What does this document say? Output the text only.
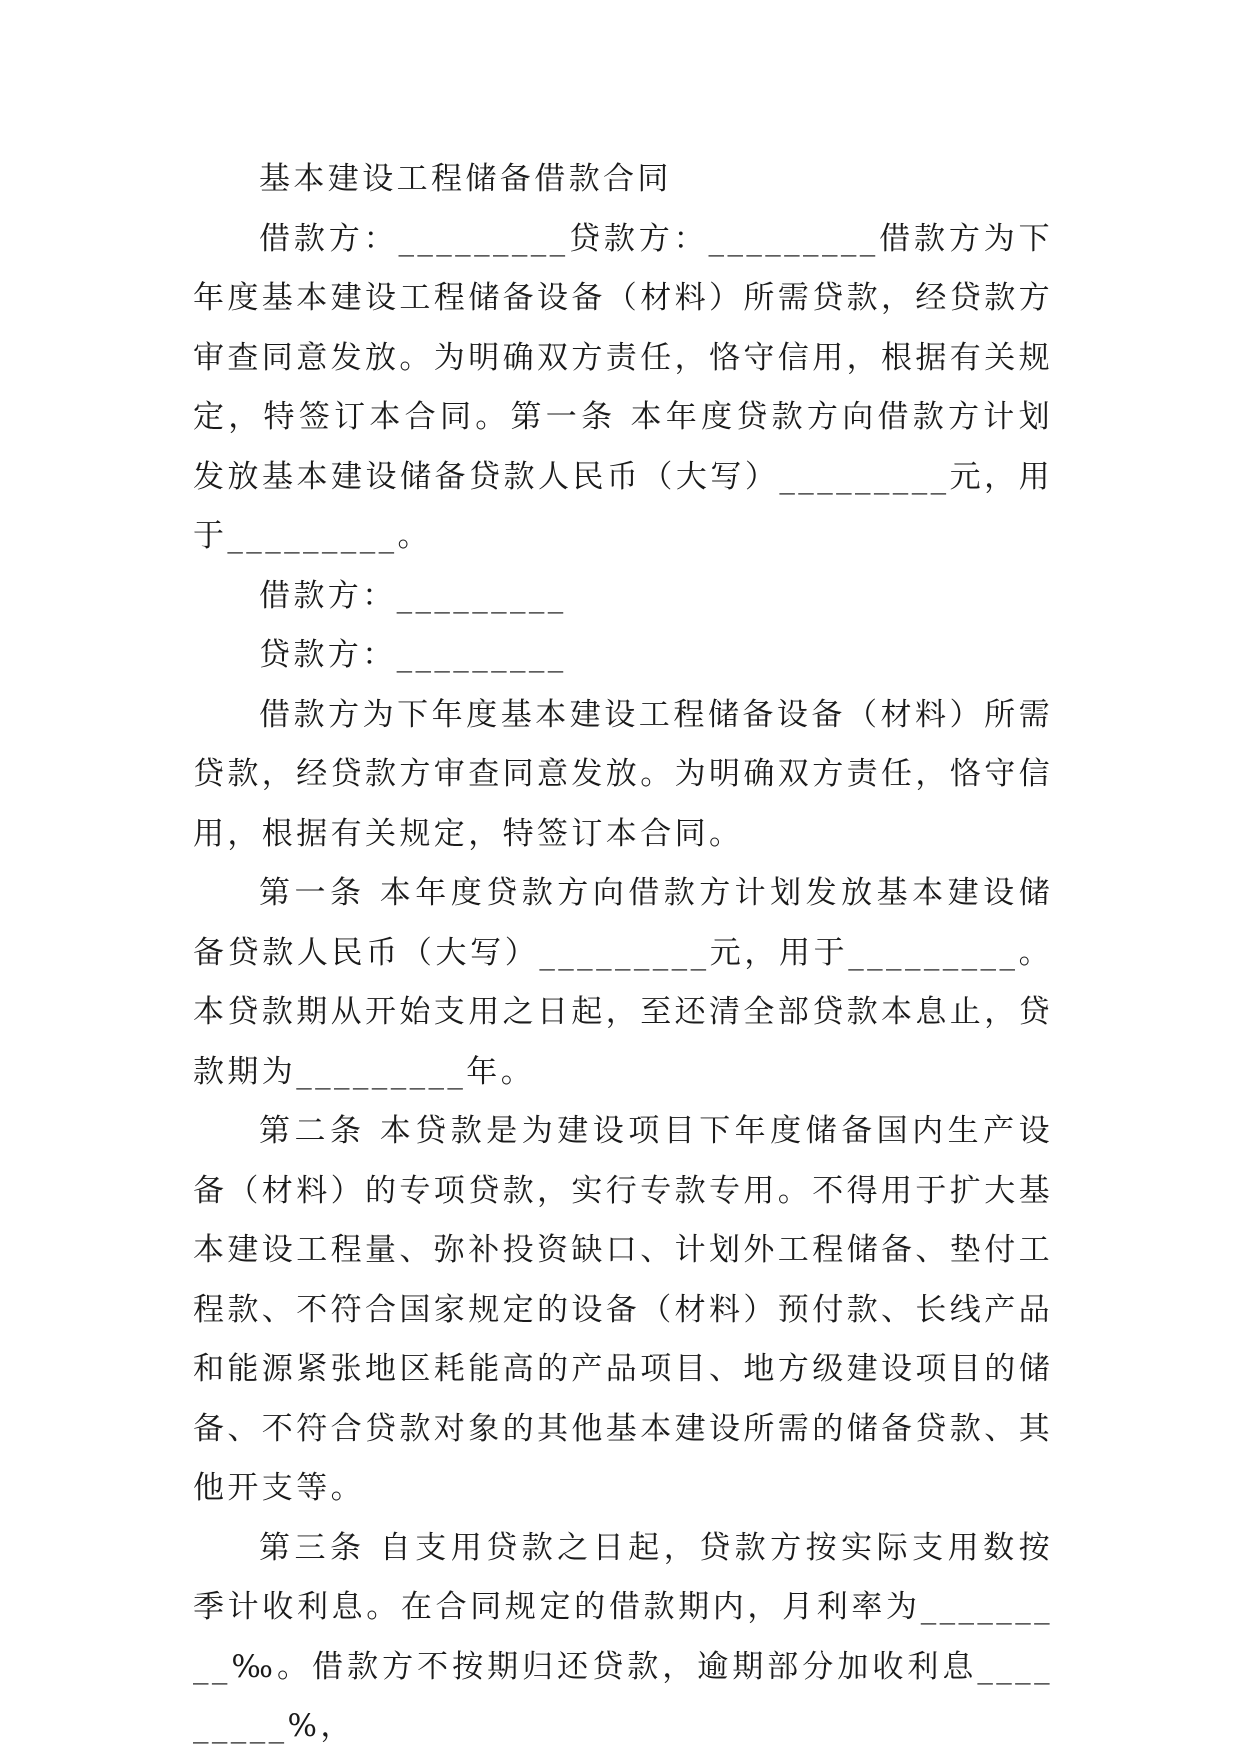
基本建设工程储备借款合同

借款方：_________贷款方：_________借款方为下年度基本建设工程储备设备（材料）所需贷款，经贷款方审查同意发放。为明确双方责任，恪守信用，根据有关规定，特签订本合同。第一条 本年度贷款方向借款方计划发放基本建设储备贷款人民币（大写）_________元，用于_________。

借款方：_________

贷款方：_________

借款方为下年度基本建设工程储备设备（材料）所需贷款，经贷款方审查同意发放。为明确双方责任，恪守信用，根据有关规定，特签订本合同。

第一条 本年度贷款方向借款方计划发放基本建设储备贷款人民币（大写）_________元，用于_________。本贷款期从开始支用之日起，至还清全部贷款本息止，贷款期为_________年。

第二条 本贷款是为建设项目下年度储备国内生产设备（材料）的专项贷款，实行专款专用。不得用于扩大基本建设工程量、弥补投资缺口、计划外工程储备、垫付工程款、不符合国家规定的设备（材料）预付款、长线产品和能源紧张地区耗能高的产品项目、地方级建设项目的储备、不符合贷款对象的其他基本建设所需的储备贷款、其他开支等。

第三条 自支用贷款之日起，贷款方按实际支用数按季计收利息。在合同规定的借款期内，月利率为_________‰。借款方不按期归还贷款，逾期部分加收利息_________%，
